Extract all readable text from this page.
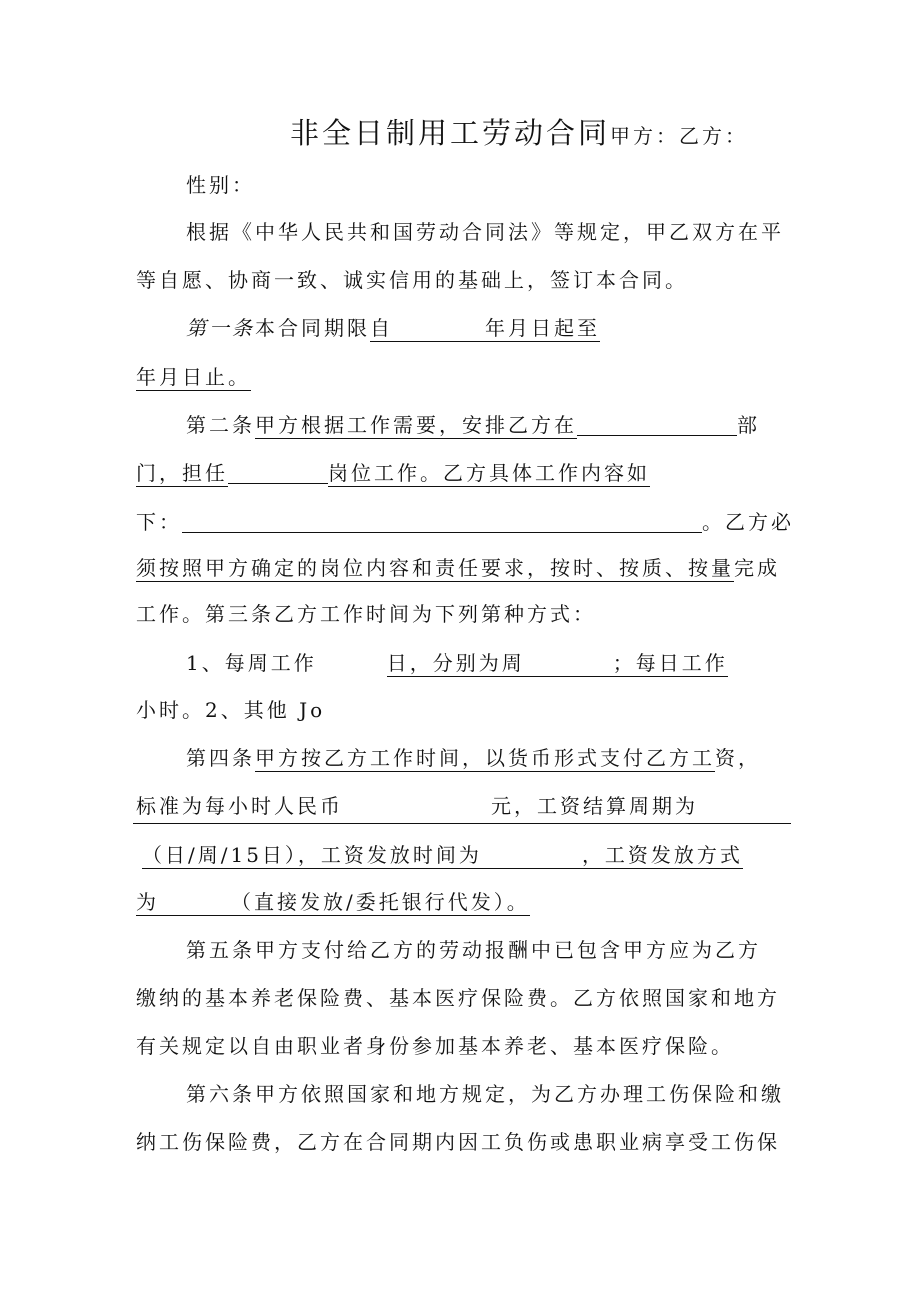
非全日制用工劳动合同甲方：乙方：
性别：
根据《中华人民共和国劳动合同法》等规定，甲乙双方在平
等自愿、协商一致、诚实信用的基础上，签订本合同。
第一条本合同期限自	年月日起至
年月日止。
第二条甲方根据工作需要，安排乙方在	部
门，担任	岗位工作。乙方具体工作内容如
下：	。乙方必
须按照甲方确定的岗位内容和责任要求，按时、按质、按量完成
工作。第三条乙方工作时间为下列第种方式：
1、每周工作	日，分别为周	；每日工作
小时。2、其他 Jo
第四条甲方按乙方工作时间，以货币形式支付乙方工资，
标准为每小时人民币	元，工资结算周期为
（日/周/15日），工资发放时间为	，工资发放方式
为	（直接发放/委托银行代发）。
第五条甲方支付给乙方的劳动报酬中已包含甲方应为乙方
缴纳的基本养老保险费、基本医疗保险费。乙方依照国家和地方
有关规定以自由职业者身份参加基本养老、基本医疗保险。
第六条甲方依照国家和地方规定，为乙方办理工伤保险和缴
纳工伤保险费，乙方在合同期内因工负伤或患职业病享受工伤保
